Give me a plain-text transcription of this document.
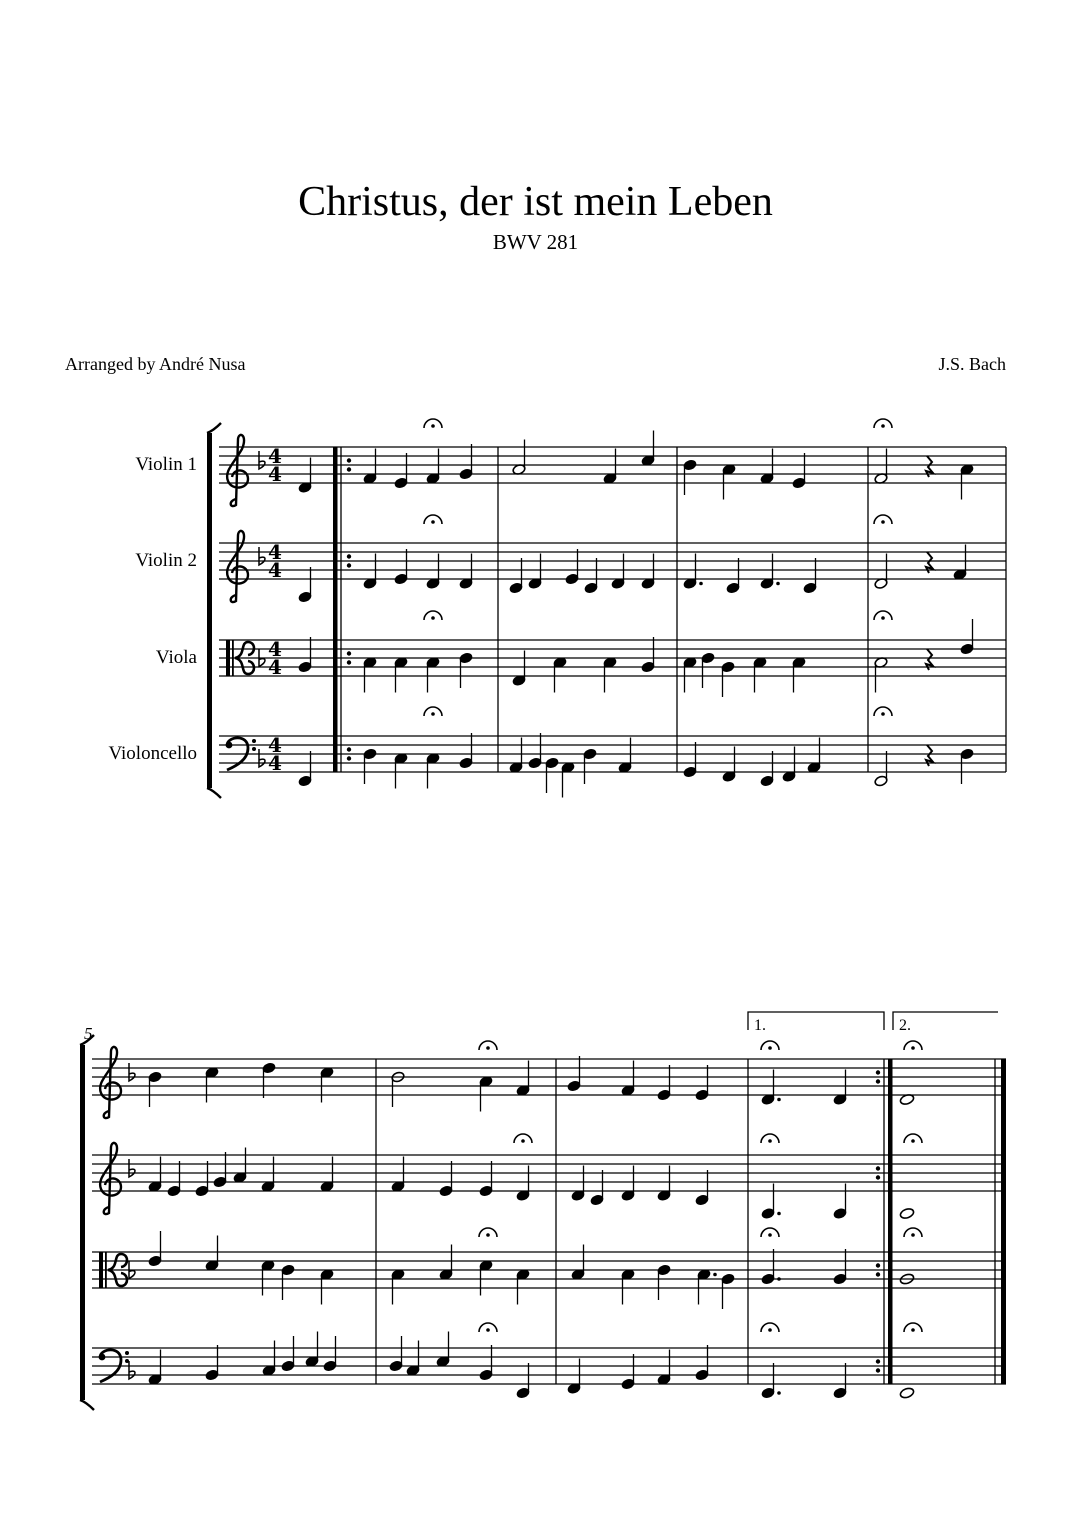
Christus, der ist mein Leben
BWV 281
Arranged by André Nusa	J.S. Bach
Violin 1
Violin 2
Viola
Violoncello
4
4
4
4
4
4
4
4
5	1.	2.
